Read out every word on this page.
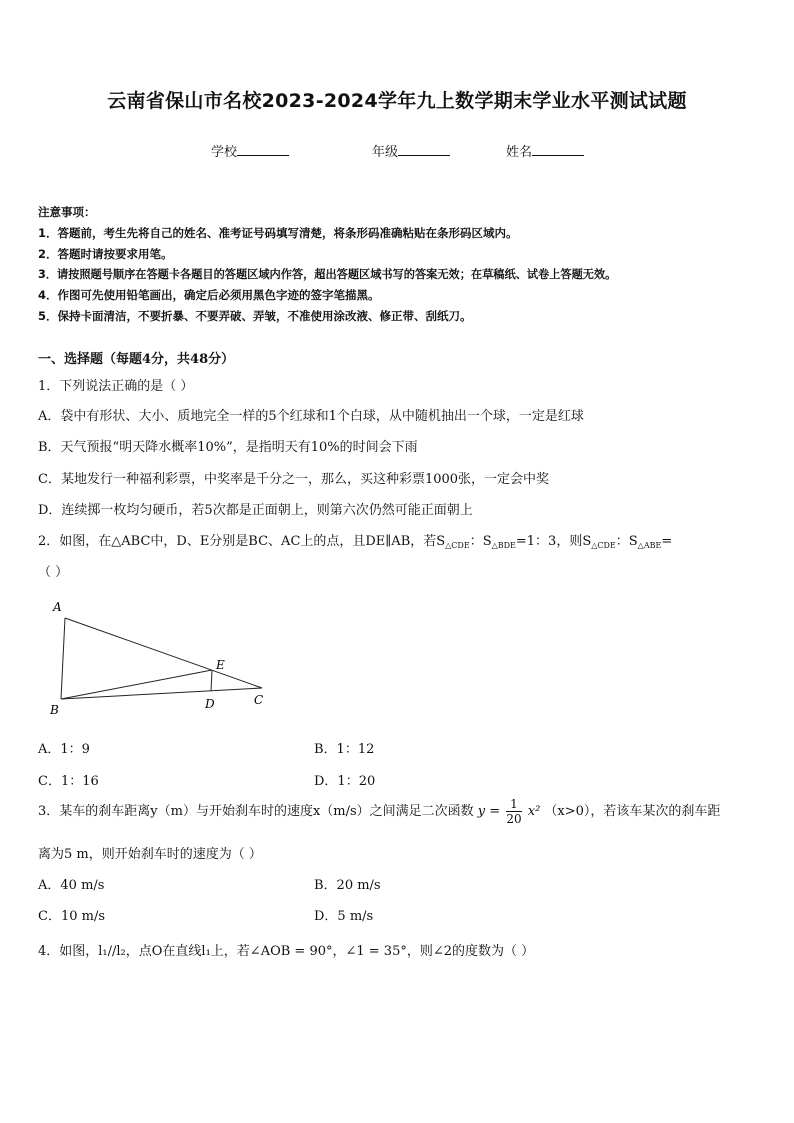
云南省保山市名校2023-2024学年九上数学期末学业水平测试试题
学校	年级	姓名
注意事项：
1．答题前，考生先将自己的姓名、准考证号码填写清楚，将条形码准确粘贴在条形码区域内。
2．答题时请按要求用笔。
3．请按照题号顺序在答题卡各题目的答题区域内作答，超出答题区域书写的答案无效；在草稿纸、试卷上答题无效。
4．作图可先使用铅笔画出，确定后必须用黑色字迹的签字笔描黑。
5．保持卡面清洁，不要折暴、不要弄破、弄皱，不准使用涂改液、修正带、刮纸刀。
一、选择题（每题4分，共48分）
1．下列说法正确的是（ ）
A．袋中有形状、大小、质地完全一样的5个红球和1个白球，从中随机抽出一个球，一定是红球
B．天气预报“明天降水概率10%”，是指明天有10%的时间会下雨
C．某地发行一种福利彩票，中奖率是千分之一，那么，买这种彩票1000张，一定会中奖
D．连续掷一枚均匀硬币，若5次都是正面朝上，则第六次仍然可能正面朝上
2．如图，在△ABC中，D、E分别是BC、AC上的点，且DE∥AB，若$S_{\triangle CDE}$：$S_{\triangle BDE}=1$：3，则$S_{\triangle CDE}$：$S_{\triangle ABE}=$
（ ）
A
B
C
D
E
A．1：9	B．1：12
C．1：16	D．1：20
3．某车的刹车距离y（m）与开始刹车时的速度x（m/s）之间满足二次函数 $y = \frac{1}{20} x^2$ （x>0），若该车某次的刹车距
离为5 m，则开始刹车时的速度为（ ）
A．40 m/s	B．20 m/s
C．10 m/s	D．5 m/s
4．如图，l₁//l₂，点O在直线l₁上，若∠AOB = 90°，∠1 = 35°，则∠2的度数为（ ）
